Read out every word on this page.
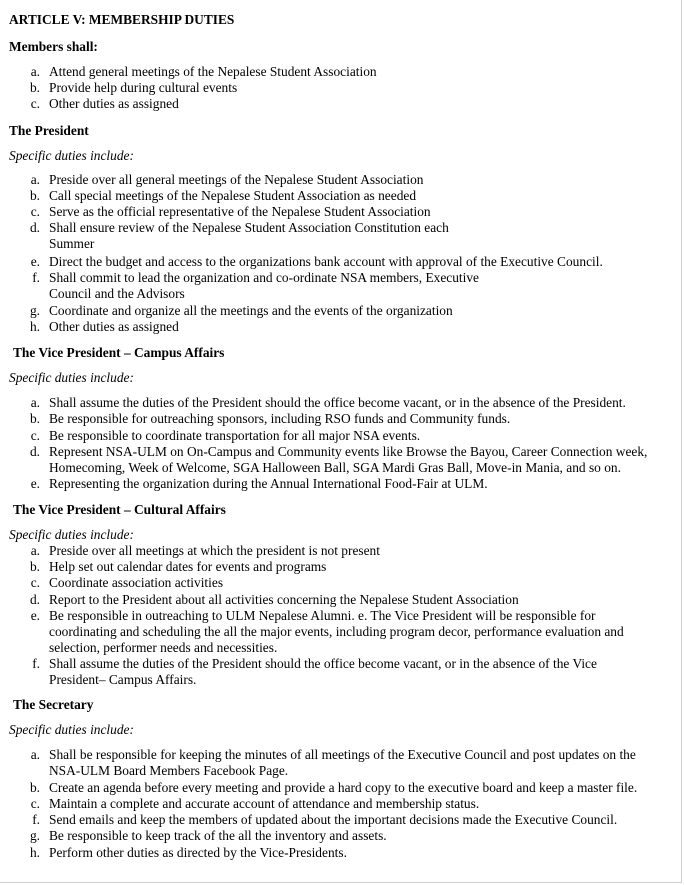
ARTICLE V: MEMBERSHIP DUTIES
Members shall:
a. Attend general meetings of the Nepalese Student Association
b. Provide help during cultural events
c. Other duties as assigned
The President
Specific duties include:
a. Preside over all general meetings of the Nepalese Student Association
b. Call special meetings of the Nepalese Student Association as needed
c. Serve as the official representative of the Nepalese Student Association
d. Shall ensure review of the Nepalese Student Association Constitution each
Summer
e. Direct the budget and access to the organizations bank account with approval of the Executive Council.
f. Shall commit to lead the organization and co-ordinate NSA members, Executive
Council and the Advisors
g. Coordinate and organize all the meetings and the events of the organization
h. Other duties as assigned
The Vice President – Campus Affairs
Specific duties include:
a. Shall assume the duties of the President should the office become vacant, or in the absence of the President.
b. Be responsible for outreaching sponsors, including RSO funds and Community funds.
c. Be responsible to coordinate transportation for all major NSA events.
d. Represent NSA-ULM on On-Campus and Community events like Browse the Bayou, Career Connection week,
Homecoming, Week of Welcome, SGA Halloween Ball, SGA Mardi Gras Ball, Move-in Mania, and so on.
e. Representing the organization during the Annual International Food-Fair at ULM.
The Vice President – Cultural Affairs
Specific duties include:
a. Preside over all meetings at which the president is not present
b. Help set out calendar dates for events and programs
c. Coordinate association activities
d. Report to the President about all activities concerning the Nepalese Student Association
e. Be responsible in outreaching to ULM Nepalese Alumni. e. The Vice President will be responsible for
coordinating and scheduling the all the major events, including program decor, performance evaluation and
selection, performer needs and necessities.
f. Shall assume the duties of the President should the office become vacant, or in the absence of the Vice
President– Campus Affairs.
The Secretary
Specific duties include:
a. Shall be responsible for keeping the minutes of all meetings of the Executive Council and post updates on the
NSA-ULM Board Members Facebook Page.
b. Create an agenda before every meeting and provide a hard copy to the executive board and keep a master file.
c. Maintain a complete and accurate account of attendance and membership status.
f. Send emails and keep the members of updated about the important decisions made the Executive Council.
g. Be responsible to keep track of the all the inventory and assets.
h. Perform other duties as directed by the Vice-Presidents.
